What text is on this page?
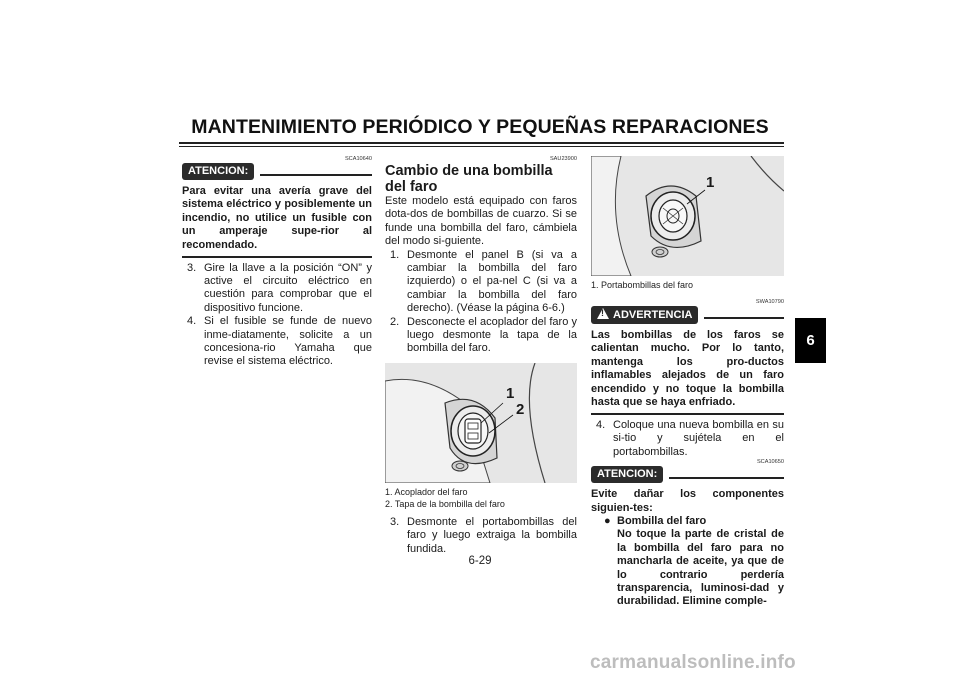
MANTENIMIENTO PERIÓDICO Y PEQUEÑAS REPARACIONES
6
SCA10640
ATENCION:
Para evitar una avería grave del sistema eléctrico y posiblemente un incendio, no utilice un fusible con un amperaje supe-rior al recomendado.
3. Gire la llave a la posición “ON” y active el circuito eléctrico en cuestión para comprobar que el dispositivo funcione.
4. Si el fusible se funde de nuevo inme-diatamente, solicite a un concesiona-rio Yamaha que revise el sistema eléctrico.
SAU23900
Cambio de una bombilla del faro
Este modelo está equipado con faros dota-dos de bombillas de cuarzo. Si se funde una bombilla del faro, cámbiela del modo si-guiente.
1. Desmonte el panel B (si va a cambiar la bombilla del faro izquierdo) o el pa-nel C (si va a cambiar la bombilla del faro derecho). (Véase la página 6-6.)
2. Desconecte el acoplador del faro y luego desmonte la tapa de la bombilla del faro.
1
2
1. Acoplador del faro
2. Tapa de la bombilla del faro
3. Desmonte el portabombillas del faro y luego extraiga la bombilla fundida.
1
1. Portabombillas del faro
SWA10790
!ADVERTENCIA
Las bombillas de los faros se calientan mucho. Por lo tanto, mantenga los pro-ductos inflamables alejados de un faro encendido y no toque la bombilla hasta que se haya enfriado.
4. Coloque una nueva bombilla en su si-tio y sujétela en el portabombillas.
SCA10650
ATENCION:
Evite dañar los componentes siguien-tes:
● Bombilla del faro
No toque la parte de cristal de la bombilla del faro para no mancharla de aceite, ya que de lo contrario perdería transparencia, luminosi-dad y durabilidad. Elimine comple-
6-29
carmanualsonline.info
